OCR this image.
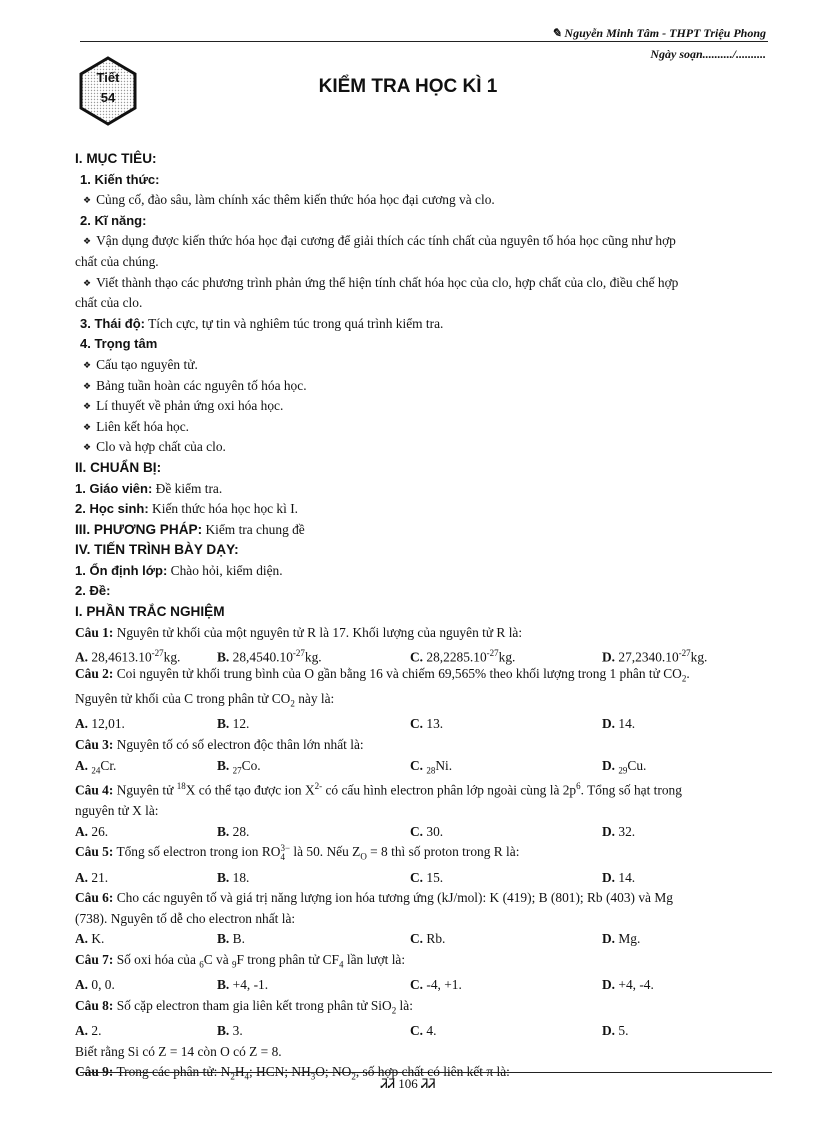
✎ Nguyễn Minh Tâm - THPT Triệu Phong
Ngày soạn........../..........
Tiết
54
KIỂM TRA HỌC KÌ 1
I. MỤC TIÊU:
1. Kiến thức:
❖ Củng cố, đào sâu, làm chính xác thêm kiến thức hóa học đại cương và clo.
2. Kĩ năng:
❖ Vận dụng được kiến thức hóa học đại cương để giải thích các tính chất của nguyên tố hóa học cũng như hợp
chất của chúng.
❖ Viết thành thạo các phương trình phản ứng thể hiện tính chất hóa học của clo, hợp chất của clo, điều chế hợp
chất của clo.
3. Thái độ: Tích cực, tự tin và nghiêm túc trong quá trình kiểm tra.
4. Trọng tâm
❖ Cấu tạo nguyên tử.
❖ Bảng tuần hoàn các nguyên tố hóa học.
❖ Lí thuyết về phản ứng oxi hóa học.
❖ Liên kết hóa học.
❖ Clo và hợp chất của clo.
II. CHUẨN BỊ:
1. Giáo viên: Đề kiểm tra.
2. Học sinh: Kiến thức hóa học học kì I.
III. PHƯƠNG PHÁP: Kiểm tra chung đề
IV. TIẾN TRÌNH BÀY DẠY:
1. Ổn định lớp: Chào hỏi, kiểm diện.
2. Đề:
I. PHẦN TRẮC NGHIỆM
Câu 1: Nguyên tử khối của một nguyên tử R là 17. Khối lượng của nguyên tử R là:
A. $28,4613.10^{-27}kg$.	B. $28,4540.10^{-27}kg$.	C. $28,2285.10^{-27}kg$.	D. $27,2340.10^{-27}kg$.
Câu 2: Coi nguyên tử khối trung bình của O gần bằng 16 và chiếm 69,565% theo khối lượng trong 1 phân tử $CO_2$.
Nguyên tử khối của C trong phân tử $CO_2$ này là:
A. 12,01.	B. 12.	C. 13.	D. 14.
Câu 3: Nguyên tố có số electron độc thân lớn nhất là:
A. $_{24}$Cr.	B. $_{27}$Co.	C. $_{28}$Ni.	D. $_{29}$Cu.
Câu 4: Nguyên tử $^{18}$X có thể tạo được ion $X^{2-}$ có cấu hình electron phân lớp ngoài cùng là $2p^6$. Tổng số hạt trong
nguyên tử X là:
A. 26.	B. 28.	C. 30.	D. 32.
Câu 5: Tổng số electron trong ion RO 3−
4 là 50. Nếu $Z_O = 8$ thì số proton trong R là:
A. 21.	B. 18.	C. 15.	D. 14.
Câu 6: Cho các nguyên tố và giá trị năng lượng ion hóa tương ứng (kJ/mol): K (419); B (801); Rb (403) và Mg
(738). Nguyên tố dễ cho electron nhất là:
A. K.	B. B.	C. Rb.	D. Mg.
Câu 7: Số oxi hóa của $_6$C và $_9$F trong phân tử $CF_4$ lần lượt là:
A. 0, 0.	B. +4, -1.	C. -4, +1.	D. +4, -4.
Câu 8: Số cặp electron tham gia liên kết trong phân tử SiO$_2$ là:
A. 2.	B. 3.	C. 4.	D. 5.
Biết rằng Si có Z = 14 còn O có Z = 8.
Câu 9: Trong các phân tử: $N_2H_4$; HCN; $NH_3O$; $NO_2$, số hợp chất có liên kết π là:
ᏘᏘ 106 ᏘᏘ
